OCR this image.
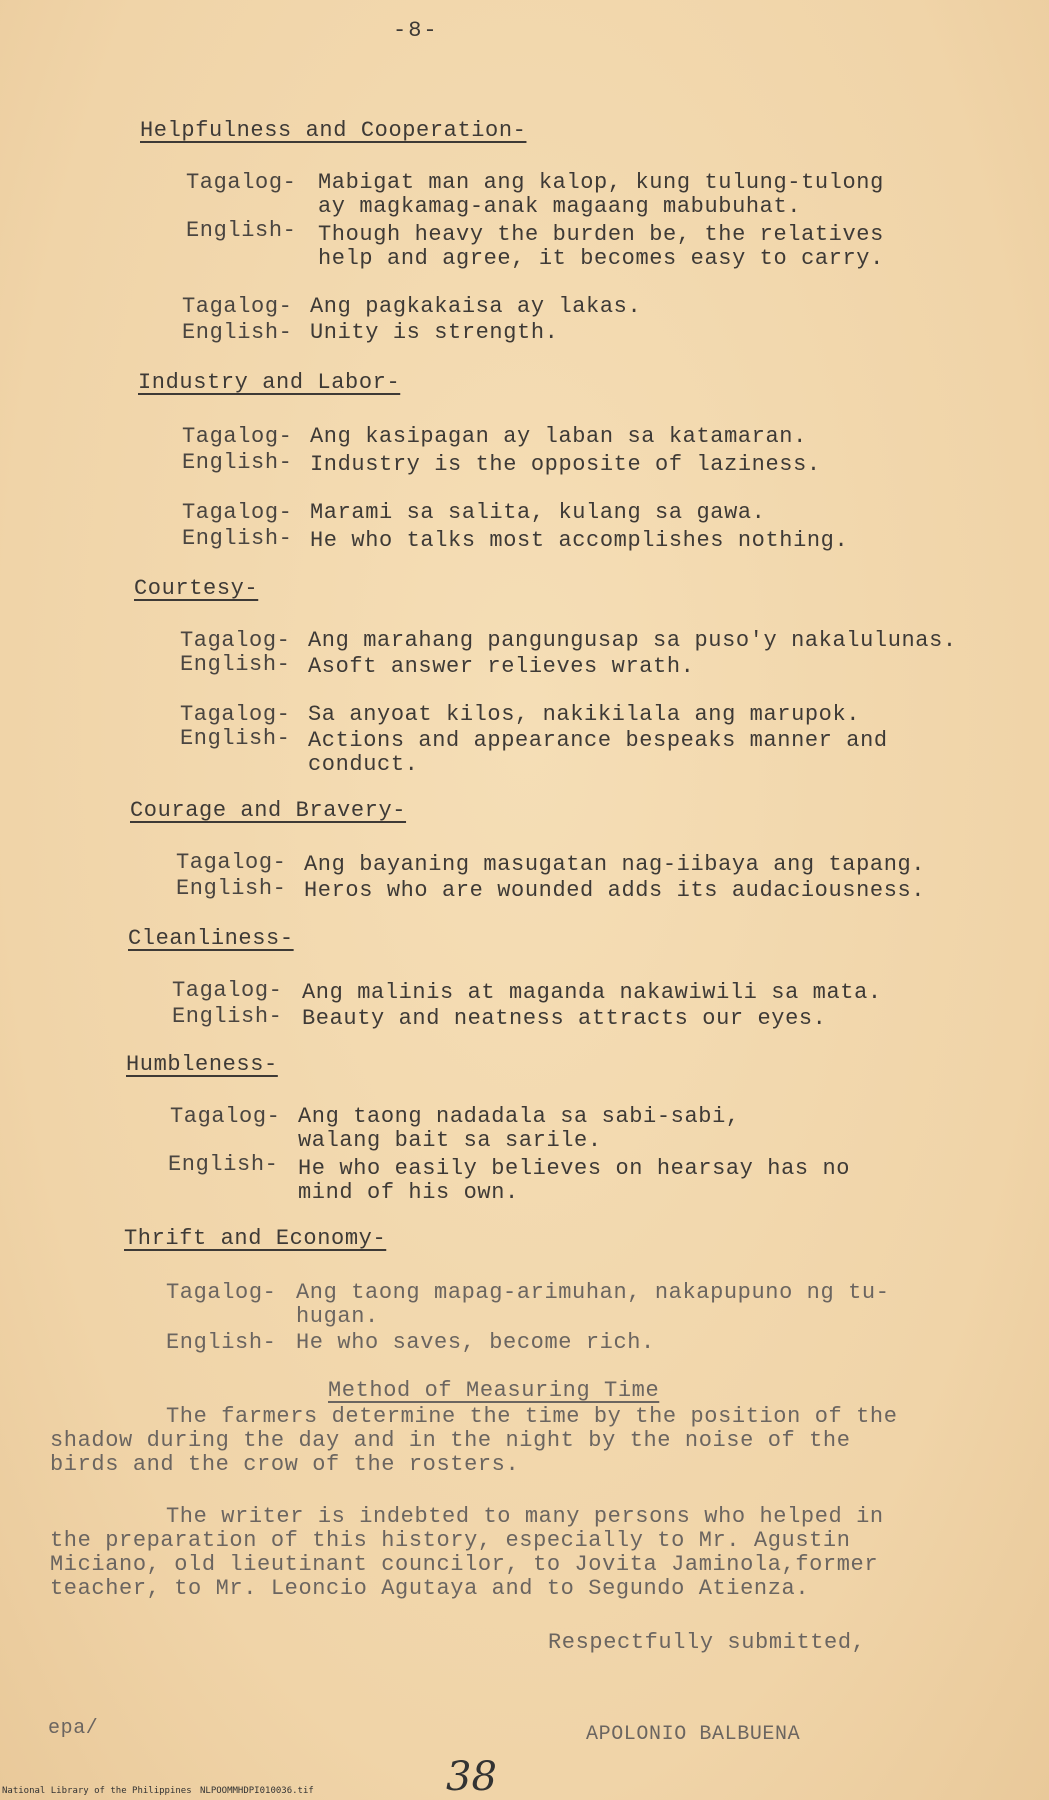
-8-
Helpfulness and Cooperation-
Tagalog- Mabigat man ang kalop, kung tulung-tulong
ay magkamag-anak magaang mabubuhat.
English- Though heavy the burden be, the relatives
help and agree, it becomes easy to carry.
Tagalog- Ang pagkakaisa ay lakas.
English- Unity is strength.
Industry and Labor-
Tagalog- Ang kasipagan ay laban sa katamaran.
English- Industry is the opposite of laziness.
Tagalog- Marami sa salita, kulang sa gawa.
English- He who talks most accomplishes nothing.
Courtesy-
Tagalog- Ang marahang pangungusap sa puso'y nakalulunas.
English- Asoft answer relieves wrath.
Tagalog- Sa anyoat kilos, nakikilala ang marupok.
English- Actions and appearance bespeaks manner and
conduct.
Courage and Bravery-
Tagalog- Ang bayaning masugatan nag-iibaya ang tapang.
English- Heros who are wounded adds its audaciousness.
Cleanliness-
Tagalog- Ang malinis at maganda nakawiwili sa mata.
English- Beauty and neatness attracts our eyes.
Humbleness-
Tagalog- Ang taong nadadala sa sabi-sabi,
walang bait sa sarile.
English- He who easily believes on hearsay has no
mind of his own.
Thrift and Economy-
Tagalog- Ang taong mapag-arimuhan, nakapupuno ng tu-
hugan.
English- He who saves, become rich.
Method of Measuring Time
The farmers determine the time by the position of the
shadow during the day and in the night by the noise of the
birds and the crow of the rosters.
The writer is indebted to many persons who helped in
the preparation of this history, especially to Mr. Agustin
Miciano, old lieutinant councilor, to Jovita Jaminola,former
teacher, to Mr. Leoncio Agutaya and to Segundo Atienza.
Respectfully submitted,
epa/	APOLONIO BALBUENA
National Library of the Philippines NLPOOMMHDPI010036.tif	38
